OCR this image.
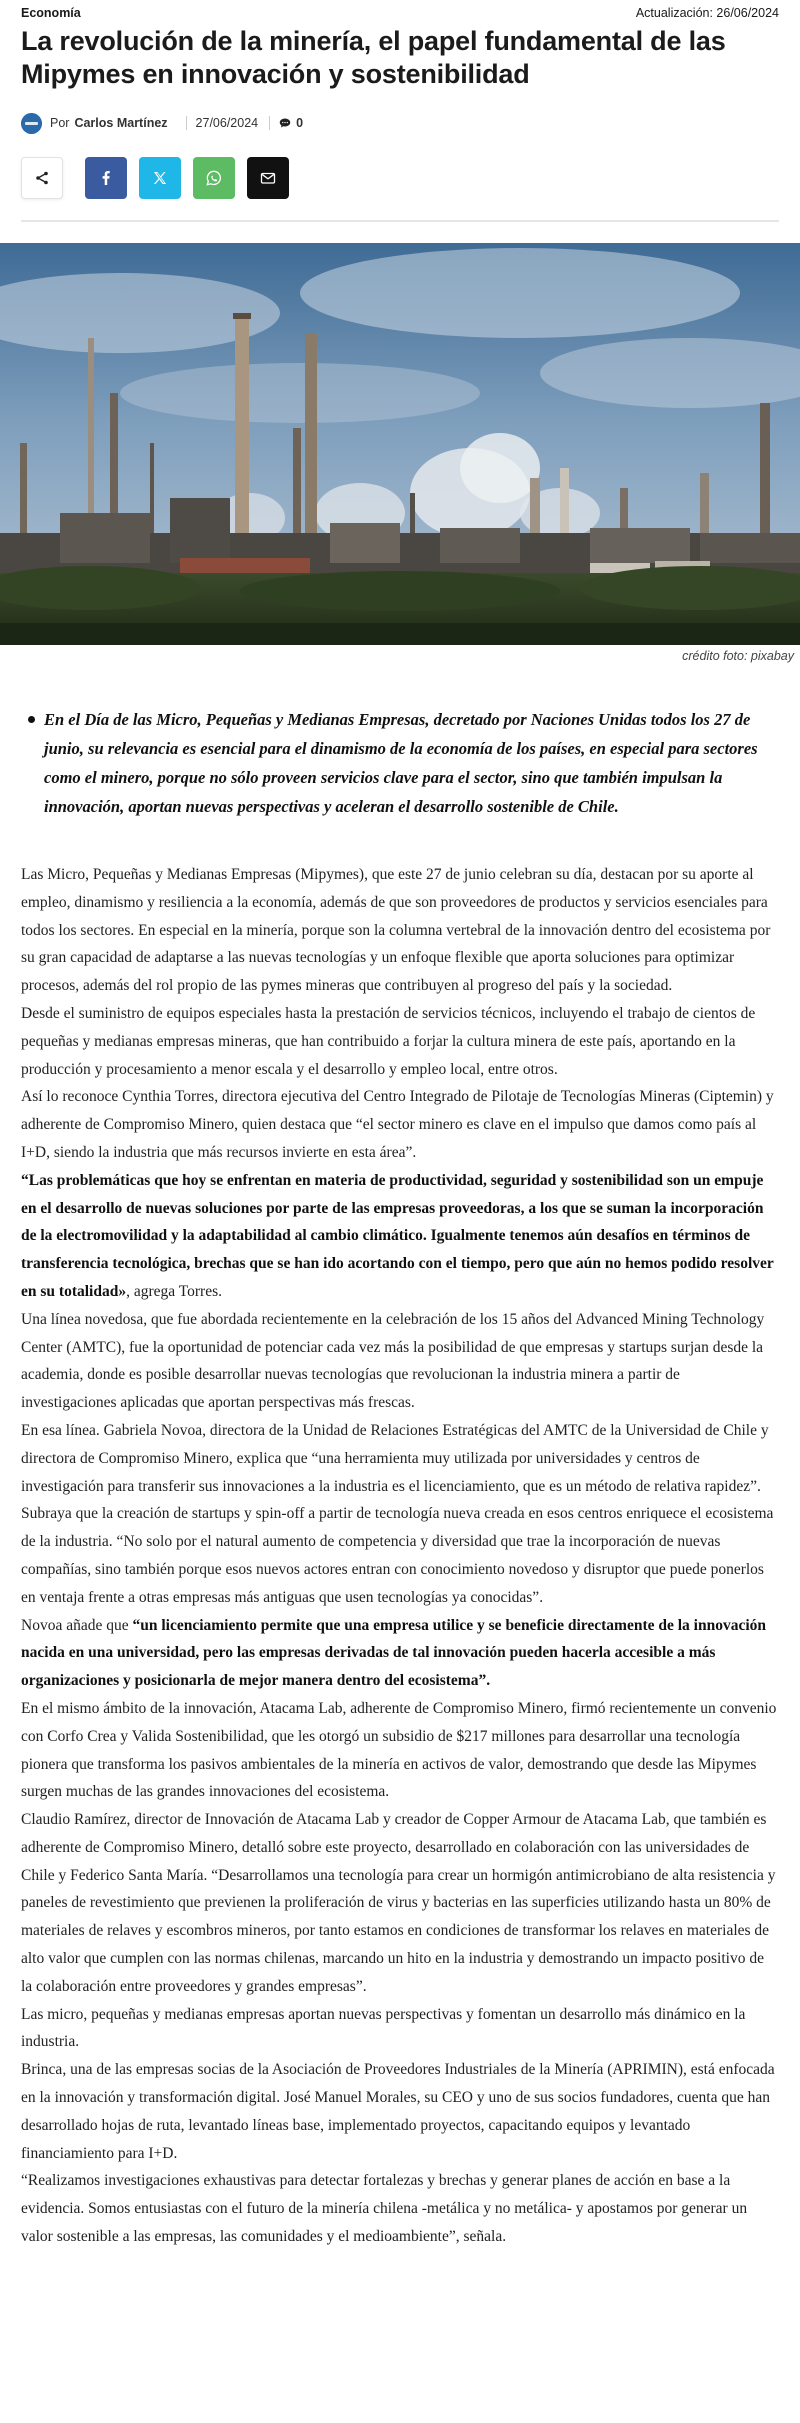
Economía	Actualización: 26/06/2024
La revolución de la minería, el papel fundamental de las Mipymes en innovación y sostenibilidad
Por Carlos Martínez 27/06/2024	0
crédito foto: pixabay
En el Día de las Micro, Pequeñas y Medianas Empresas, decretado por Naciones Unidas todos los 27 de junio, su relevancia es esencial para el dinamismo de la economía de los países, en especial para sectores como el minero, porque no sólo proveen servicios clave para el sector, sino que también impulsan la innovación, aportan nuevas perspectivas y aceleran el desarrollo sostenible de Chile.

Las Micro, Pequeñas y Medianas Empresas (Mipymes), que este 27 de junio celebran su día, destacan por su aporte al empleo, dinamismo y resiliencia a la economía, además de que son proveedores de productos y servicios esenciales para todos los sectores. En especial en la minería, porque son la columna vertebral de la innovación dentro del ecosistema por su gran capacidad de adaptarse a las nuevas tecnologías y un enfoque flexible que aporta soluciones para optimizar procesos, además del rol propio de las pymes mineras que contribuyen al progreso del país y la sociedad.

Desde el suministro de equipos especiales hasta la prestación de servicios técnicos, incluyendo el trabajo de cientos de pequeñas y medianas empresas mineras, que han contribuido a forjar la cultura minera de este país, aportando en la producción y procesamiento a menor escala y el desarrollo y empleo local, entre otros.

Así lo reconoce Cynthia Torres, directora ejecutiva del Centro Integrado de Pilotaje de Tecnologías Mineras (Ciptemin) y adherente de Compromiso Minero, quien destaca que “el sector minero es clave en el impulso que damos como país al I+D, siendo la industria que más recursos invierte en esta área”.

“Las problemáticas que hoy se enfrentan en materia de productividad, seguridad y sostenibilidad son un empuje en el desarrollo de nuevas soluciones por parte de las empresas proveedoras, a los que se suman la incorporación de la electromovilidad y la adaptabilidad al cambio climático. Igualmente tenemos aún desafíos en términos de transferencia tecnológica, brechas que se han ido acortando con el tiempo, pero que aún no hemos podido resolver en su totalidad», agrega Torres.

Una línea novedosa, que fue abordada recientemente en la celebración de los 15 años del Advanced Mining Technology Center (AMTC), fue la oportunidad de potenciar cada vez más la posibilidad de que empresas y startups surjan desde la academia, donde es posible desarrollar nuevas tecnologías que revolucionan la industria minera a partir de investigaciones aplicadas que aportan perspectivas más frescas.

En esa línea. Gabriela Novoa, directora de la Unidad de Relaciones Estratégicas del AMTC de la Universidad de Chile y directora de Compromiso Minero, explica que “una herramienta muy utilizada por universidades y centros de investigación para transferir sus innovaciones a la industria es el licenciamiento, que es un método de relativa rapidez”.

Subraya que la creación de startups y spin-off a partir de tecnología nueva creada en esos centros enriquece el ecosistema de la industria. “No solo por el natural aumento de competencia y diversidad que trae la incorporación de nuevas compañías, sino también porque esos nuevos actores entran con conocimiento novedoso y disruptor que puede ponerlos en ventaja frente a otras empresas más antiguas que usen tecnologías ya conocidas”.

Novoa añade que “un licenciamiento permite que una empresa utilice y se beneficie directamente de la innovación nacida en una universidad, pero las empresas derivadas de tal innovación pueden hacerla accesible a más organizaciones y posicionarla de mejor manera dentro del ecosistema”.

En el mismo ámbito de la innovación, Atacama Lab, adherente de Compromiso Minero, firmó recientemente un convenio con Corfo Crea y Valida Sostenibilidad, que les otorgó un subsidio de $217 millones para desarrollar una tecnología pionera que transforma los pasivos ambientales de la minería en activos de valor, demostrando que desde las Mipymes surgen muchas de las grandes innovaciones del ecosistema.

Claudio Ramírez, director de Innovación de Atacama Lab y creador de Copper Armour de Atacama Lab, que también es adherente de Compromiso Minero, detalló sobre este proyecto, desarrollado en colaboración con las universidades de Chile y Federico Santa María. “Desarrollamos una tecnología para crear un hormigón antimicrobiano de alta resistencia y paneles de revestimiento que previenen la proliferación de virus y bacterias en las superficies utilizando hasta un 80% de materiales de relaves y escombros mineros, por tanto estamos en condiciones de transformar los relaves en materiales de alto valor que cumplen con las normas chilenas, marcando un hito en la industria y demostrando un impacto positivo de la colaboración entre proveedores y grandes empresas”.

Las micro, pequeñas y medianas empresas aportan nuevas perspectivas y fomentan un desarrollo más dinámico en la industria.

Brinca, una de las empresas socias de la Asociación de Proveedores Industriales de la Minería (APRIMIN), está enfocada en la innovación y transformación digital. José Manuel Morales, su CEO y uno de sus socios fundadores, cuenta que han desarrollado hojas de ruta, levantado líneas base, implementado proyectos, capacitando equipos y levantado financiamiento para I+D.

“Realizamos investigaciones exhaustivas para detectar fortalezas y brechas y generar planes de acción en base a la evidencia. Somos entusiastas con el futuro de la minería chilena -metálica y no metálica- y apostamos por generar un valor sostenible a las empresas, las comunidades y el medioambiente”, señala.
